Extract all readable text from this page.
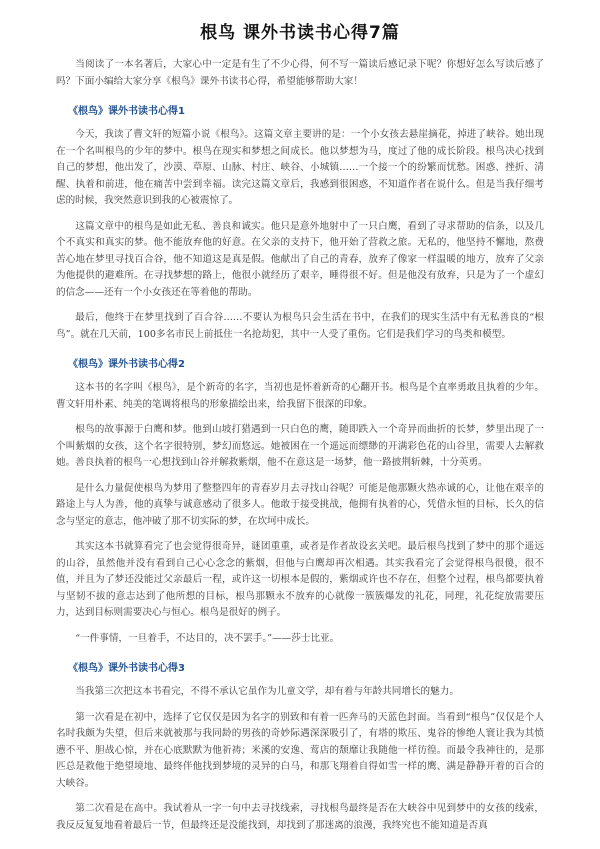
根鸟 课外书读书心得7篇

当阅读了一本名著后，大家心中一定是有生了不少心得，何不写一篇读后感记录下呢？你想好怎么写读后感了吗？下面小编给大家分享《根鸟》课外书读书心得，希望能够帮助大家！

《根鸟》课外书读书心得1

今天，我读了曹文轩的短篇小说《根鸟》。这篇文章主要讲的是：一个小女孩去悬崖摘花，掉进了峡谷。她出现在一个名叫根鸟的少年的梦中。根鸟在现实和梦想之间成长。他以梦想为马，度过了他的成长阶段。根鸟决心找到自己的梦想，他出发了，沙漠、草原、山脉、村庄、峡谷、小城镇……一个接一个的纷繁而忧愁。困惑、挫折、清醒、执着和前进，他在痛苦中尝到幸福。读完这篇文章后，我感到很困惑，不知道作者在说什么。但是当我仔细考虑的时候，我突然意识到我的心被震惊了。

这篇文章中的根鸟是如此无私、善良和诚实。他只是意外地射中了一只白鹰，看到了寻求帮助的信条，以及几个不真实和真实的梦。他不能放弃他的好意。在父亲的支持下，他开始了营救之旅。无私的，他坚持不懈地，熬费苦心地在梦里寻找百合谷，他不知道这是真是假。他献出了自己的青春，放弃了像家一样温暖的地方，放弃了父亲为他提供的避难所。在寻找梦想的路上，他很小就经历了艰辛，睡得很不好。但是他没有放弃，只是为了一个虚幻的信念——还有一个小女孩还在等着他的帮助。

最后，他终于在梦里找到了百合谷……不要认为根鸟只会生活在书中，在我们的现实生活中有无私善良的“根鸟”。就在几天前，100多名市民上前抵住一名抢劫犯，其中一人受了重伤。它们是我们学习的鸟类和模型。

《根鸟》课外书读书心得2

这本书的名字叫《根鸟》，是个新奇的名字，当初也是怀着新奇的心翻开书。根鸟是个直率勇敢且执着的少年。曹文轩用朴素、纯美的笔调将根鸟的形象描绘出来，给我留下很深的印象。

根鸟的故事源于白鹰和梦。他到山坡打猎遇到一只白色的鹰，随即跌入一个奇异而曲折的长梦，梦里出现了一个叫紫烟的女孩，这个名字很特别，梦幻而悠远。她被困在一个遥远而缥缈的开满彩色花的山谷里，需要人去解救她。善良执着的根鸟一心想找到山谷并解救紫烟，他不在意这是一场梦，他一路披荆斩棘，十分英勇。

是什么力量促使根鸟为梦用了整整四年的青春岁月去寻找山谷呢？可能是他那颗火热赤诚的心，让他在艰辛的路途上与人为善，他的真挚与诚意感动了很多人。他敢于接受挑战，他拥有执着的心，凭借永恒的目标，长久的信念与坚定的意志，他冲破了那不切实际的梦，在坎坷中成长。

其实这本书就算看完了也会觉得很奇异，谜团重重，或者是作者故设玄关吧。最后根鸟找到了梦中的那个遥远的山谷，虽然他并没有看到自己心心念念的紫烟，但他与白鹰却再次相遇。其实我看完了会觉得根鸟很傻，很不值，并且为了梦还没能过父亲最后一程，或许这一切根本是假的，紫烟或许也不存在，但整个过程，根鸟都要执着与坚韧不拔的意志达到了他所想的目标，根鸟那颗永不放弃的心就像一簇簇爆发的礼花，同理，礼花绽放需要压力，达到目标则需要决心与恒心。根鸟是很好的例子。

“一件事情，一旦着手，不达目的，决不罢手。”——莎士比亚。

《根鸟》课外书读书心得3

当我第三次把这本书看完，不得不承认它虽作为儿童文学，却有着与年龄共同增长的魅力。

第一次看是在初中，选择了它仅仅是因为名字的别致和有着一匹奔马的天蓝色封面。当看到“根鸟”仅仅是个人名时我颇为失望，但后来就被那与我同龄的男孩的奇妙际遇深深吸引了，有塔的欺压、鬼谷的惨绝人寰让我为其愤懑不平、胆战心惊，并在心底默默为他祈祷；米溪的安逸、莺店的颓靡让我随他一样彷徨。而最令我神往的，是那匹总是救他于绝望境地、最终伴他找到梦境的灵异的白马，和那飞翔着自得如雪一样的鹰、满是静静开着的百合的大峡谷。

第二次看是在高中。我试着从一字一句中去寻找线索，寻找根鸟最终是否在大峡谷中见到梦中的女孩的线索，我反反复复地看着最后一节，但最终还是没能找到，却找到了那迷离的浪漫，我终究也不能知道是否真
